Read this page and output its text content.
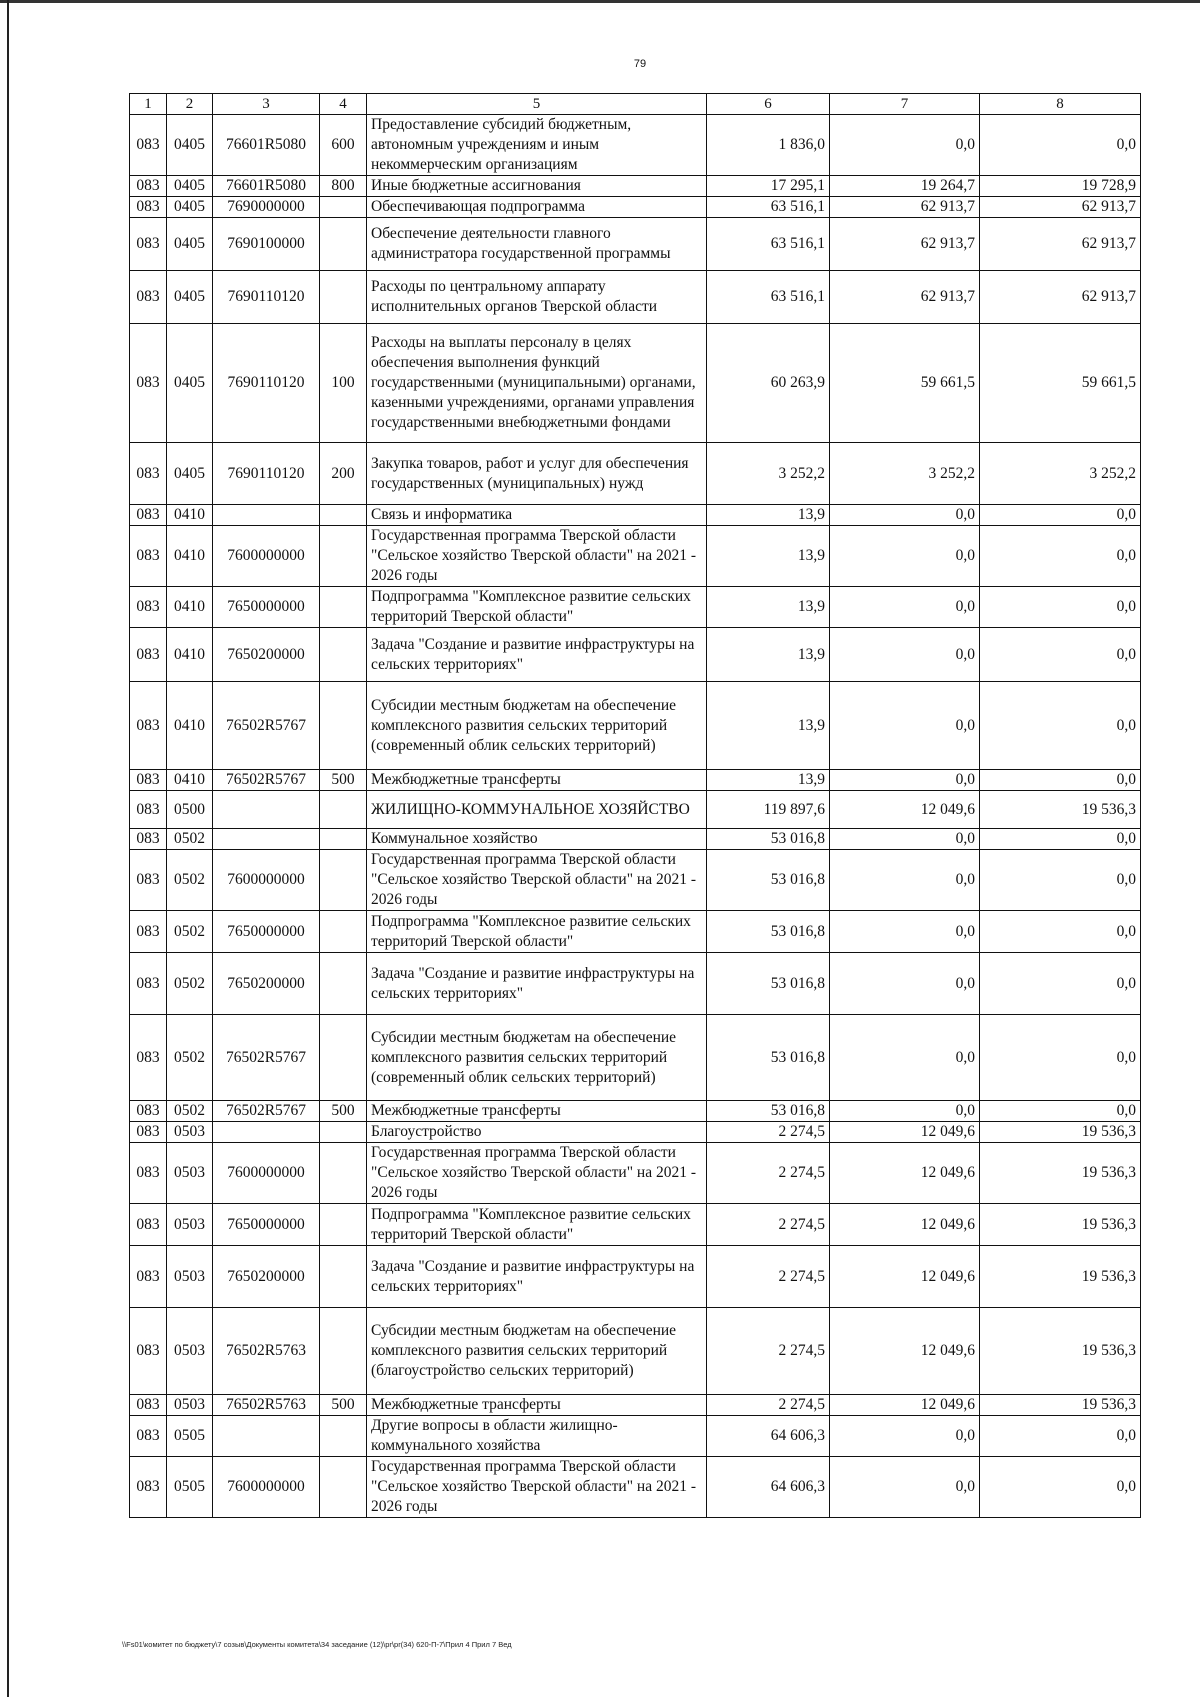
79
1	2	3	4	5	6	7	8
083	0405	76601R5080	600	Предоставление субсидий бюджетным, автономным учреждениям и иным некоммерческим организациям	1 836,0	0,0	0,0
083	0405	76601R5080	800	Иные бюджетные ассигнования	17 295,1	19 264,7	19 728,9
083	0405	7690000000		Обеспечивающая подпрограмма	63 516,1	62 913,7	62 913,7
083	0405	7690100000		Обеспечение деятельности главного администратора государственной программы	63 516,1	62 913,7	62 913,7
083	0405	7690110120		Расходы по центральному аппарату исполнительных органов Тверской области	63 516,1	62 913,7	62 913,7
083	0405	7690110120	100	Расходы на выплаты персоналу в целях обеспечения выполнения функций государственными (муниципальными) органами, казенными учреждениями, органами управления государственными внебюджетными фондами	60 263,9	59 661,5	59 661,5
083	0405	7690110120	200	Закупка товаров, работ и услуг для обеспечения государственных (муниципальных) нужд	3 252,2	3 252,2	3 252,2
083	0410			Связь и информатика	13,9	0,0	0,0
083	0410	7600000000		Государственная программа Тверской области "Сельское хозяйство Тверской области" на 2021 - 2026 годы	13,9	0,0	0,0
083	0410	7650000000		Подпрограмма "Комплексное развитие сельских территорий Тверской области"	13,9	0,0	0,0
083	0410	7650200000		Задача "Создание и развитие инфраструктуры на сельских территориях"	13,9	0,0	0,0
083	0410	76502R5767		Субсидии местным бюджетам на обеспечение комплексного развития сельских территорий (современный облик сельских территорий)	13,9	0,0	0,0
083	0410	76502R5767	500	Межбюджетные трансферты	13,9	0,0	0,0
083	0500			ЖИЛИЩНО-КОММУНАЛЬНОЕ ХОЗЯЙСТВО	119 897,6	12 049,6	19 536,3
083	0502			Коммунальное хозяйство	53 016,8	0,0	0,0
083	0502	7600000000		Государственная программа Тверской области "Сельское хозяйство Тверской области" на 2021 - 2026 годы	53 016,8	0,0	0,0
083	0502	7650000000		Подпрограмма "Комплексное развитие сельских территорий Тверской области"	53 016,8	0,0	0,0
083	0502	7650200000		Задача "Создание и развитие инфраструктуры на сельских территориях"	53 016,8	0,0	0,0
083	0502	76502R5767		Субсидии местным бюджетам на обеспечение комплексного развития сельских территорий (современный облик сельских территорий)	53 016,8	0,0	0,0
083	0502	76502R5767	500	Межбюджетные трансферты	53 016,8	0,0	0,0
083	0503			Благоустройство	2 274,5	12 049,6	19 536,3
083	0503	7600000000		Государственная программа Тверской области "Сельское хозяйство Тверской области" на 2021 - 2026 годы	2 274,5	12 049,6	19 536,3
083	0503	7650000000		Подпрограмма "Комплексное развитие сельских территорий Тверской области"	2 274,5	12 049,6	19 536,3
083	0503	7650200000		Задача "Создание и развитие инфраструктуры на сельских территориях"	2 274,5	12 049,6	19 536,3
083	0503	76502R5763		Субсидии местным бюджетам на обеспечение комплексного развития сельских территорий (благоустройство сельских территорий)	2 274,5	12 049,6	19 536,3
083	0503	76502R5763	500	Межбюджетные трансферты	2 274,5	12 049,6	19 536,3
083	0505			Другие вопросы в области жилищно-коммунального хозяйства	64 606,3	0,0	0,0
083	0505	7600000000		Государственная программа Тверской области "Сельское хозяйство Тверской области" на 2021 - 2026 годы	64 606,3	0,0	0,0
\\Fs01\комитет по бюджету\7 созыв\Документы комитета\34 заседание (12)\pr\pr(34) 620-П-7\Прил 4 Прил 7 Вед
